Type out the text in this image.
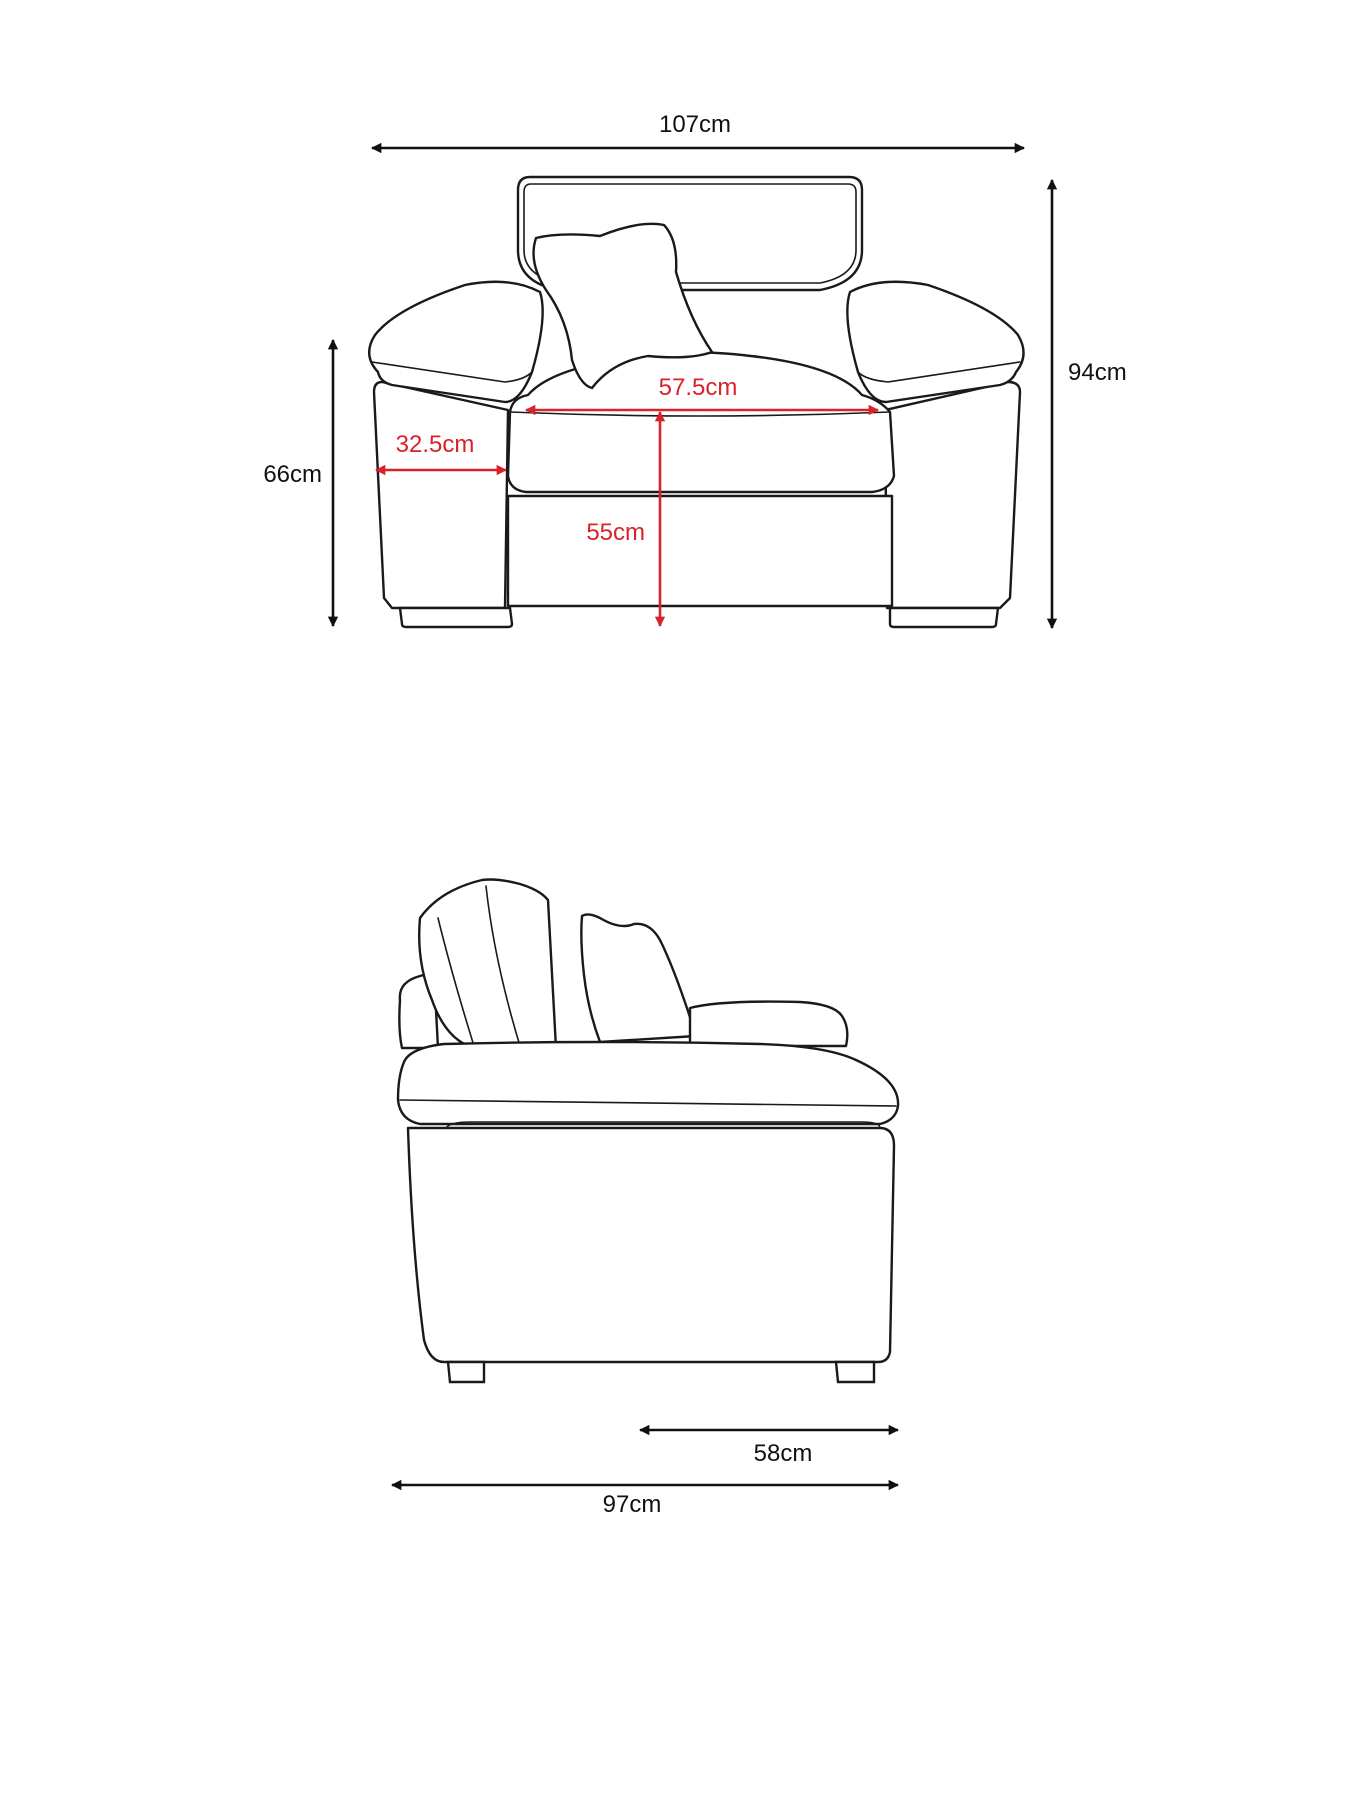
107cm
94cm
66cm
32.5cm
57.5cm
55cm
58cm
97cm
